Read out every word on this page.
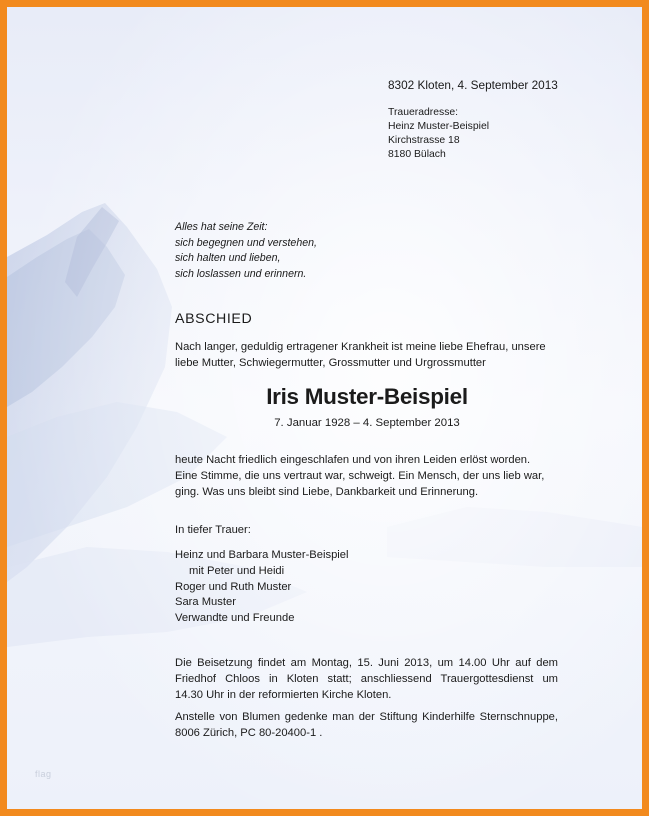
8302 Kloten, 4. September 2013
Traueradresse:
Heinz Muster-Beispiel
Kirchstrasse 18
8180 Bülach
Alles hat seine Zeit:
sich begegnen und verstehen,
sich halten und lieben,
sich loslassen und erinnern.
ABSCHIED
Nach langer, geduldig ertragener Krankheit ist meine liebe Ehefrau, unsere
liebe Mutter, Schwiegermutter, Grossmutter und Urgrossmutter
Iris Muster-Beispiel
7. Januar 1928 – 4. September 2013
heute Nacht friedlich eingeschlafen und von ihren Leiden erlöst worden.
Eine Stimme, die uns vertraut war, schweigt. Ein Mensch, der uns lieb war,
ging. Was uns bleibt sind Liebe, Dankbarkeit und Erinnerung.
In tiefer Trauer:
Heinz und Barbara Muster-Beispiel
mit Peter und Heidi
Roger und Ruth Muster
Sara Muster
Verwandte und Freunde
Die Beisetzung findet am Montag, 15. Juni 2013, um 14.00 Uhr auf dem
Friedhof Chloos in Kloten statt; anschliessend Trauergottesdienst um
14.30 Uhr in der reformierten Kirche Kloten.
Anstelle von Blumen gedenke man der Stiftung Kinderhilfe Sternschnuppe,
8006 Zürich, PC 80-20400-1 .
flag
